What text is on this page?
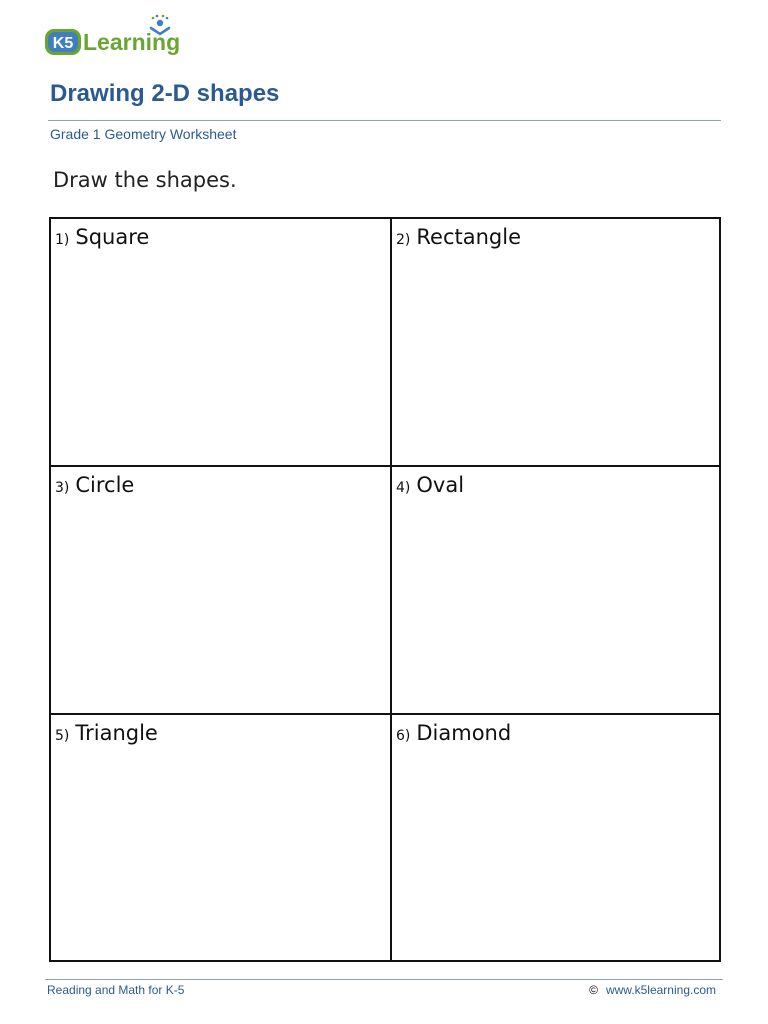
K5 Learning
Drawing 2-D shapes
Grade 1 Geometry Worksheet
Draw the shapes.
1) Square	2) Rectangle
3) Circle	4) Oval
5) Triangle	6) Diamond
Reading and Math for K-5	© www.k5learning.com
